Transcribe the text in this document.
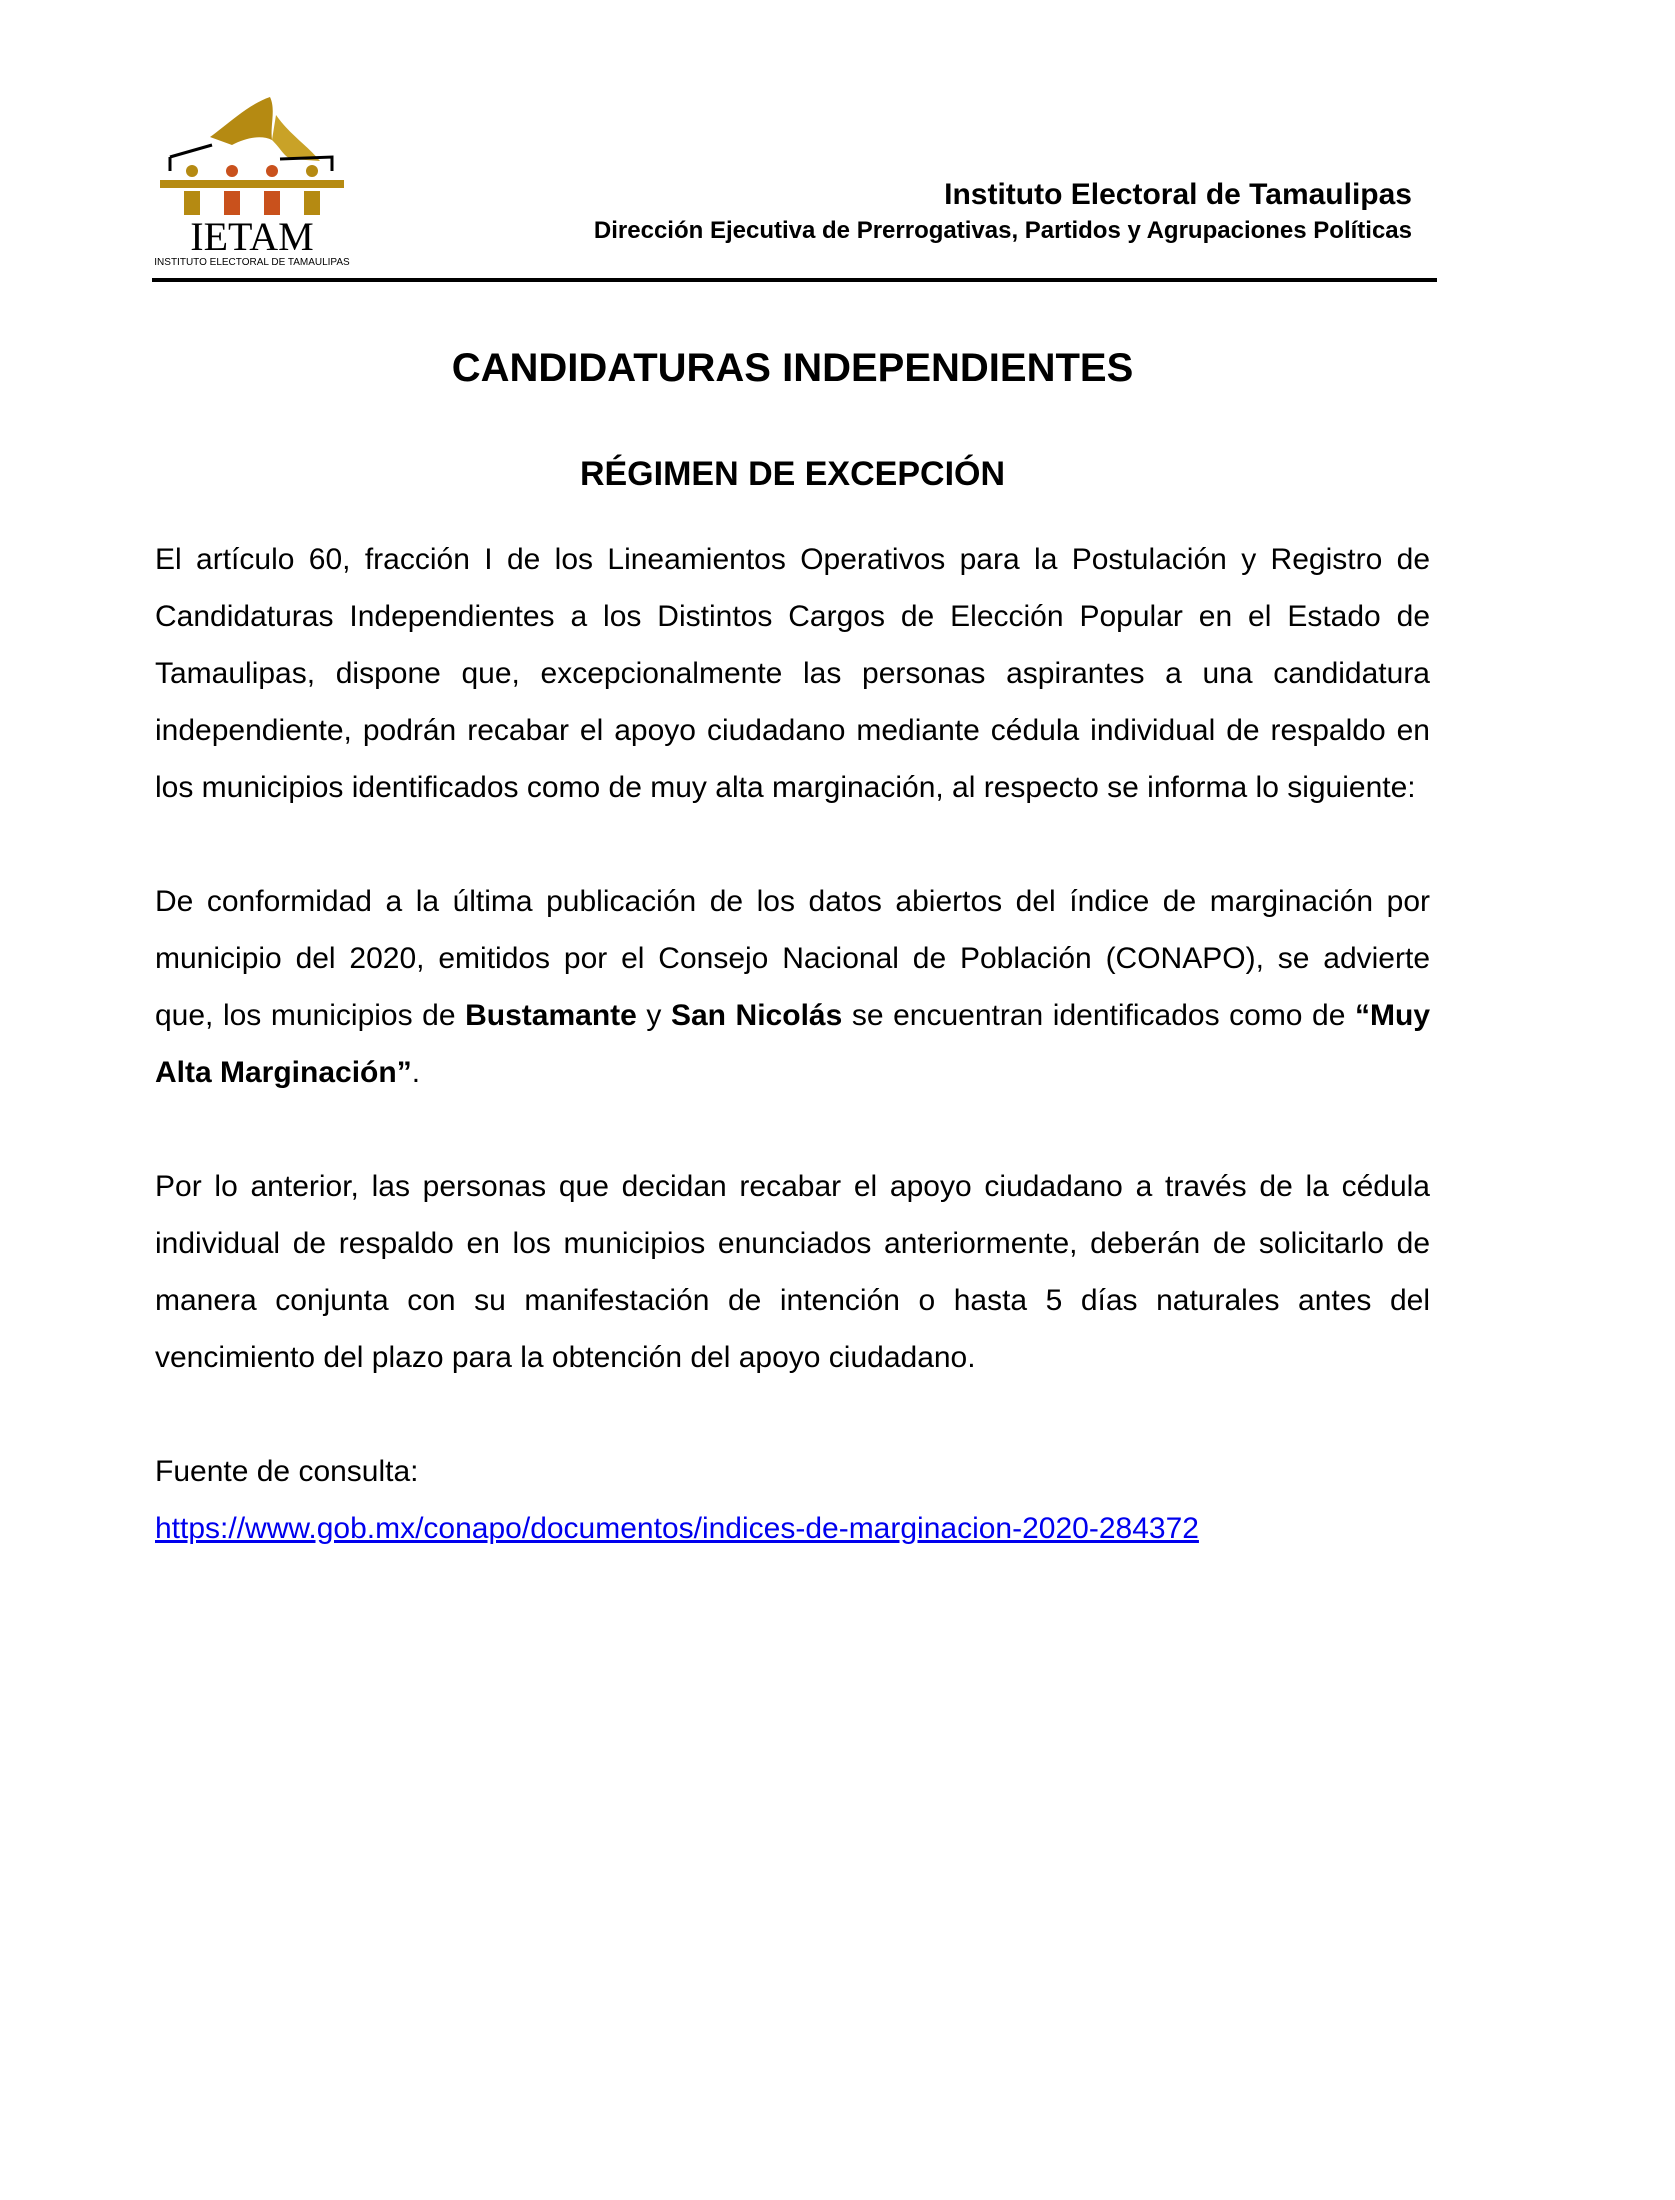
IETAM
INSTITUTO ELECTORAL DE TAMAULIPAS
Instituto Electoral de Tamaulipas
Dirección Ejecutiva de Prerrogativas, Partidos y Agrupaciones Políticas
CANDIDATURAS INDEPENDIENTES
RÉGIMEN DE EXCEPCIÓN

El artículo 60, fracción I de los Lineamientos Operativos para la Postulación y Registro de Candidaturas Independientes a los Distintos Cargos de Elección Popular en el Estado de Tamaulipas, dispone que, excepcionalmente las personas aspirantes a una candidatura independiente, podrán recabar el apoyo ciudadano mediante cédula individual de respaldo en los municipios identificados como de muy alta marginación, al respecto se informa lo siguiente:

De conformidad a la última publicación de los datos abiertos del índice de marginación por municipio del 2020, emitidos por el Consejo Nacional de Población (CONAPO), se advierte que, los municipios de Bustamante y San Nicolás se encuentran identificados como de “Muy Alta Marginación”.

Por lo anterior, las personas que decidan recabar el apoyo ciudadano a través de la cédula individual de respaldo en los municipios enunciados anteriormente, deberán de solicitarlo de manera conjunta con su manifestación de intención o hasta 5 días naturales antes del vencimiento del plazo para la obtención del apoyo ciudadano.

Fuente de consulta:

https://www.gob.mx/conapo/documentos/indices-de-marginacion-2020-284372
